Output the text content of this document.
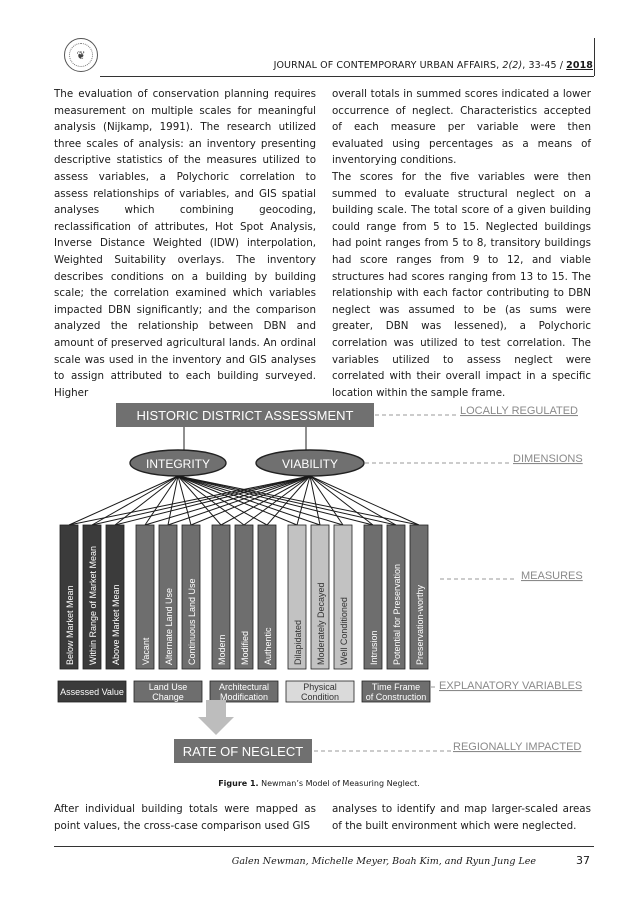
❦
JOURNAL OF CONTEMPORARY URBAN AFFAIRS, 2(2), 33-45 / 2018

The evaluation of conservation planning requires measurement on multiple scales for meaningful analysis (Nijkamp, 1991). The research utilized three scales of analysis: an inventory presenting descriptive statistics of the measures utilized to assess variables, a Polychoric correlation to assess relationships of variables, and GIS spatial analyses which combining geocoding, reclassification of attributes, Hot Spot Analysis, Inverse Distance Weighted (IDW) interpolation, Weighted Suitability overlays. The inventory describes conditions on a building by building scale; the correlation examined which variables impacted DBN significantly; and the comparison analyzed the relationship between DBN and amount of preserved agricultural lands. An ordinal scale was used in the inventory and GIS analyses to assign attributed to each building surveyed. Higher

overall totals in summed scores indicated a lower occurrence of neglect. Characteristics accepted of each measure per variable were then evaluated using percentages as a means of inventorying conditions.

The scores for the five variables were then summed to evaluate structural neglect on a building scale. The total score of a given building could range from 5 to 15. Neglected buildings had point ranges from 5 to 8, transitory buildings had score ranges from 9 to 12, and viable structures had scores ranging from 13 to 15. The relationship with each factor contributing to DBN neglect was assumed to be (as sums were greater, DBN was lessened), a Polychoric correlation was utilized to test correlation. The variables utilized to assess neglect were correlated with their overall impact in a specific location within the sample frame.

HISTORIC DISTRICT ASSESSMENT	LOCALLY REGULATED
INTEGRITY	VIABILITY	DIMENSIONS
Below Market Mean Within Range of Market Mean Above Market Mean Vacant Alternate Land Use Continuous Land Use Modern Modified Authentic Dilapidated Moderately Decayed Well Conditioned Intrusion Potential for Preservation Preservation-worthy
Assessed Value	Land Use
Change
Architectural
Modification
Physical
Condition
Time Frame
of Construction
MEASURES
EXPLANATORY VARIABLES
RATE OF NEGLECT	REGIONALLY IMPACTED
Figure 1. Newman’s Model of Measuring Neglect.

After individual building totals were mapped as point values, the cross-case comparison used GIS

analyses to identify and map larger-scaled areas of the built environment which were neglected.

Galen Newman, Michelle Meyer, Boah Kim, and Ryun Jung Lee	37
